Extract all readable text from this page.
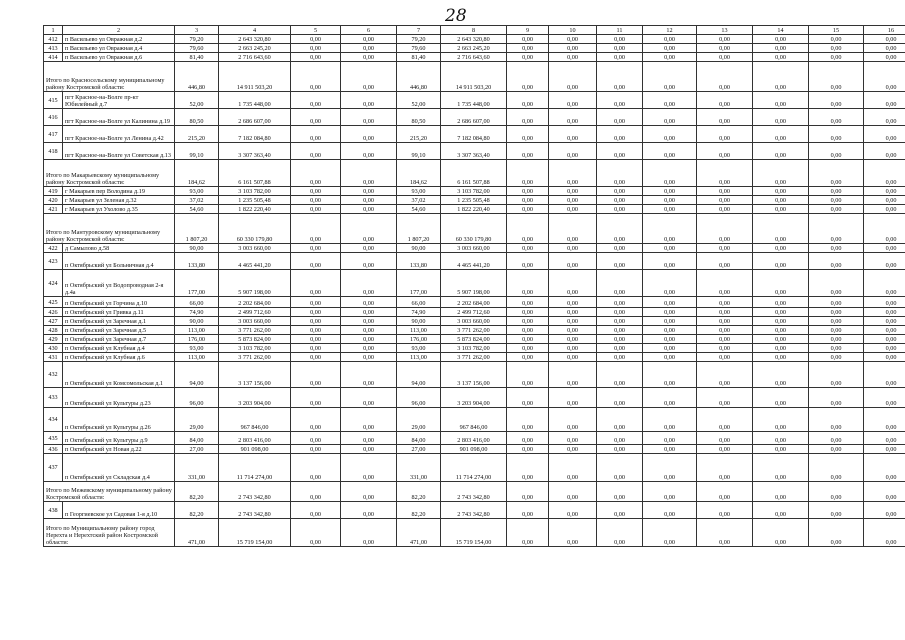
28
1	2	3	4	5	6	7	8	9	10	11	12	13	14	15	16
412	п Васильево ул Овражная д.2	79,20	2 643 320,80	0,00	0,00	79,20	2 643 320,80	0,00	0,00	0,00	0,00	0,00	0,00	0,00	0,00
413	п Васильево ул Овражная д.4	79,60	2 663 245,20	0,00	0,00	79,60	2 663 245,20	0,00	0,00	0,00	0,00	0,00	0,00	0,00	0,00
414	п Васильево ул Овражная д.6	81,40	2 716 643,60	0,00	0,00	81,40	2 716 643,60	0,00	0,00	0,00	0,00	0,00	0,00	0,00	0,00
Итого по Красносельскому муниципальному району Костромской области:		446,80	14 911 503,20	0,00	0,00	446,80	14 911 503,20	0,00	0,00	0,00	0,00	0,00	0,00	0,00	0,00
415	пгт Красное-на-Волге пр-кт Юбилейный д.7	52,00	1 735 448,00	0,00	0,00	52,00	1 735 448,00	0,00	0,00	0,00	0,00	0,00	0,00	0,00	0,00
416	пгт Красное-на-Волге ул Калинина д.19	80,50	2 686 607,00	0,00	0,00	80,50	2 686 607,00	0,00	0,00	0,00	0,00	0,00	0,00	0,00	0,00
417	пгт Красное-на-Волге ул Ленина д.42	215,20	7 182 084,80	0,00	0,00	215,20	7 182 084,80	0,00	0,00	0,00	0,00	0,00	0,00	0,00	0,00
418	пгт Красное-на-Волге ул Советская д.13	99,10	3 307 363,40	0,00	0,00	99,10	3 307 363,40	0,00	0,00	0,00	0,00	0,00	0,00	0,00	0,00
Итого по Макарьевскому муниципальному району Костромской области:		184,62	6 161 507,88	0,00	0,00	184,62	6 161 507,88	0,00	0,00	0,00	0,00	0,00	0,00	0,00	0,00
419	г Макарьев пер Володина д.19	93,00	3 103 782,00	0,00	0,00	93,00	3 103 782,00	0,00	0,00	0,00	0,00	0,00	0,00	0,00	0,00
420	г Макарьев ул Зеленая д.32	37,02	1 235 505,48	0,00	0,00	37,02	1 235 505,48	0,00	0,00	0,00	0,00	0,00	0,00	0,00	0,00
421	г Макарьев ул Ухолово д.35	54,60	1 822 220,40	0,00	0,00	54,60	1 822 220,40	0,00	0,00	0,00	0,00	0,00	0,00	0,00	0,00
Итого по Мантуровскому муниципальному району Костромской области:		1 807,20	60 330 179,80	0,00	0,00	1 807,20	60 330 179,80	0,00	0,00	0,00	0,00	0,00	0,00	0,00	0,00
422	д Самылово д.58	90,00	3 003 660,00	0,00	0,00	90,00	3 003 660,00	0,00	0,00	0,00	0,00	0,00	0,00	0,00	0,00
423	п Октябрьский ул Больничная д.4	133,80	4 465 441,20	0,00	0,00	133,80	4 465 441,20	0,00	0,00	0,00	0,00	0,00	0,00	0,00	0,00
424	п Октябрьский ул Водопроводная 2-я д.4а	177,00	5 907 198,00	0,00	0,00	177,00	5 907 198,00	0,00	0,00	0,00	0,00	0,00	0,00	0,00	0,00
425	п Октябрьский ул Горчина д.10	66,00	2 202 684,00	0,00	0,00	66,00	2 202 684,00	0,00	0,00	0,00	0,00	0,00	0,00	0,00	0,00
426	п Октябрьский ул Гривка д.11	74,90	2 499 712,60	0,00	0,00	74,90	2 499 712,60	0,00	0,00	0,00	0,00	0,00	0,00	0,00	0,00
427	п Октябрьский ул Заречная д.1	90,00	3 003 660,00	0,00	0,00	90,00	3 003 660,00	0,00	0,00	0,00	0,00	0,00	0,00	0,00	0,00
428	п Октябрьский ул Заречная д.5	113,00	3 771 262,00	0,00	0,00	113,00	3 771 262,00	0,00	0,00	0,00	0,00	0,00	0,00	0,00	0,00
429	п Октябрьский ул Заречная д.7	176,00	5 873 824,00	0,00	0,00	176,00	5 873 824,00	0,00	0,00	0,00	0,00	0,00	0,00	0,00	0,00
430	п Октябрьский ул Клубная д.4	93,00	3 103 782,00	0,00	0,00	93,00	3 103 782,00	0,00	0,00	0,00	0,00	0,00	0,00	0,00	0,00
431	п Октябрьский ул Клубная д.6	113,00	3 771 262,00	0,00	0,00	113,00	3 771 262,00	0,00	0,00	0,00	0,00	0,00	0,00	0,00	0,00
432	п Октябрьский ул Комсомольская д.1	94,00	3 137 156,00	0,00	0,00	94,00	3 137 156,00	0,00	0,00	0,00	0,00	0,00	0,00	0,00	0,00
433	п Октябрьский ул Культуры д.23	96,00	3 203 904,00	0,00	0,00	96,00	3 203 904,00	0,00	0,00	0,00	0,00	0,00	0,00	0,00	0,00
434	п Октябрьский ул Культуры д.26	29,00	967 846,00	0,00	0,00	29,00	967 846,00	0,00	0,00	0,00	0,00	0,00	0,00	0,00	0,00
435	п Октябрьский ул Культуры д.9	84,00	2 803 416,00	0,00	0,00	84,00	2 803 416,00	0,00	0,00	0,00	0,00	0,00	0,00	0,00	0,00
436	п Октябрьский ул Новая д.22	27,00	901 098,00	0,00	0,00	27,00	901 098,00	0,00	0,00	0,00	0,00	0,00	0,00	0,00	0,00
437	п Октябрьский ул Складская д.4	331,00	11 714 274,00	0,00	0,00	331,00	11 714 274,00	0,00	0,00	0,00	0,00	0,00	0,00	0,00	0,00
Итого по Межевскому муниципальному району Костромской области:		82,20	2 743 342,80	0,00	0,00	82,20	2 743 342,80	0,00	0,00	0,00	0,00	0,00	0,00	0,00	0,00
438	п Георгиевское ул Садовая 1-я д.10	82,20	2 743 342,80	0,00	0,00	82,20	2 743 342,80	0,00	0,00	0,00	0,00	0,00	0,00	0,00	0,00
Итого по Муниципальному району город Нерехта и Нерехтский район Костромской области:		471,00	15 719 154,00	0,00	0,00	471,00	15 719 154,00	0,00	0,00	0,00	0,00	0,00	0,00	0,00	0,00
